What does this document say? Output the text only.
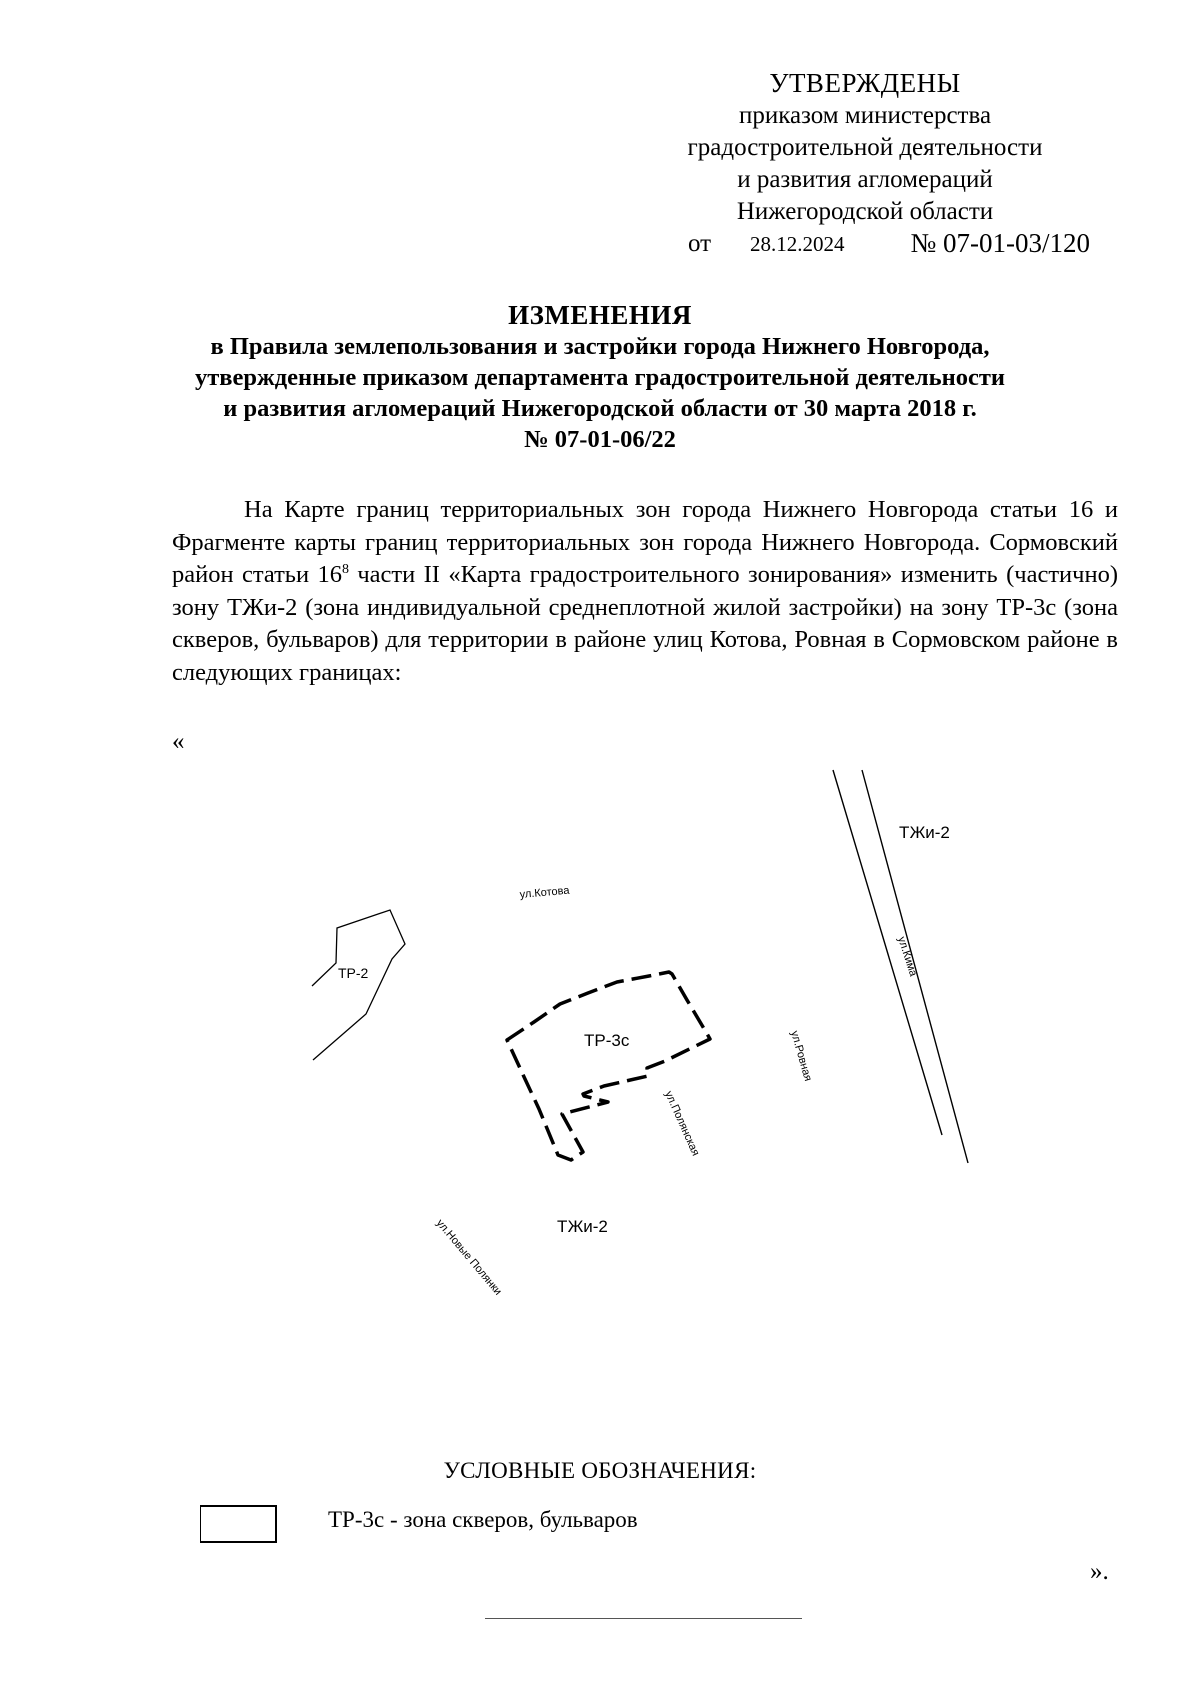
УТВЕРЖДЕНЫ
приказом министерства
градостроительной деятельности
и развития агломераций
Нижегородской области
от 28.12.2024 № 07-01-03/120
ИЗМЕНЕНИЯ
в Правила землепользования и застройки города Нижнего Новгорода,
утвержденные приказом департамента градостроительной деятельности
и развития агломераций Нижегородской области от 30 марта 2018 г.
№ 07-01-06/22
На Карте границ территориальных зон города Нижнего Новгорода статьи 16 и Фрагменте карты границ территориальных зон города Нижнего Новгорода. Сормовский район статьи $16^8$ части II «Карта градостроительного зонирования» изменить (частично) зону ТЖи-2 (зона индивидуальной среднеплотной жилой застройки) на зону ТР-3с (зона скверов, бульваров) для территории в районе улиц Котова, Ровная в Сормовском районе в следующих границах:
«
ТЖи-2
ТР-3с
ТР-2
ТЖи-2
ул.Котова
ул.Кима
ул.Ровная
ул.Полянская
ул.Новые Полянки
УСЛОВНЫЕ ОБОЗНАЧЕНИЯ:
ТР-3с - зона скверов, бульваров
».
